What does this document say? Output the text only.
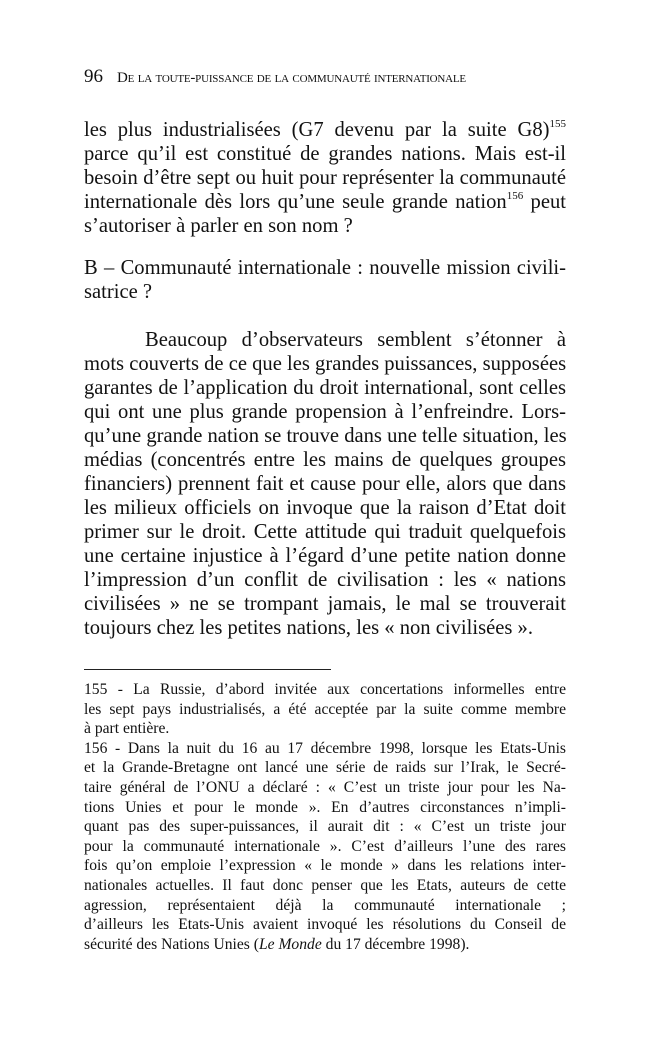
96 De la toute-puissance de la communauté internationale
les plus industrialisées (G7 devenu par la suite G8)$^{155}$
parce qu’il est constitué de grandes nations. Mais est-il
besoin d’être sept ou huit pour représenter la communauté
internationale dès lors qu’une seule grande nation$^{156}$ peut
s’autoriser à parler en son nom ?
B – Communauté internationale : nouvelle mission civili-
satrice ?
Beaucoup d’observateurs semblent s’étonner à
mots couverts de ce que les grandes puissances, supposées
garantes de l’application du droit international, sont celles
qui ont une plus grande propension à l’enfreindre. Lors-
qu’une grande nation se trouve dans une telle situation, les
médias (concentrés entre les mains de quelques groupes
financiers) prennent fait et cause pour elle, alors que dans
les milieux officiels on invoque que la raison d’Etat doit
primer sur le droit. Cette attitude qui traduit quelquefois
une certaine injustice à l’égard d’une petite nation donne
l’impression d’un conflit de civilisation : les « nations
civilisées » ne se trompant jamais, le mal se trouverait
toujours chez les petites nations, les « non civilisées ».
155 - La Russie, d’abord invitée aux concertations informelles entre
les sept pays industrialisés, a été acceptée par la suite comme membre
à part entière.
156 - Dans la nuit du 16 au 17 décembre 1998, lorsque les Etats-Unis
et la Grande-Bretagne ont lancé une série de raids sur l’Irak, le Secré-
taire général de l’ONU a déclaré : « C’est un triste jour pour les Na-
tions Unies et pour le monde ». En d’autres circonstances n’impli-
quant pas des super-puissances, il aurait dit : « C’est un triste jour
pour la communauté internationale ». C’est d’ailleurs l’une des rares
fois qu’on emploie l’expression « le monde » dans les relations inter-
nationales actuelles. Il faut donc penser que les Etats, auteurs de cette
agression, représentaient déjà la communauté internationale ;
d’ailleurs les Etats-Unis avaient invoqué les résolutions du Conseil de
sécurité des Nations Unies (Le Monde du 17 décembre 1998).
